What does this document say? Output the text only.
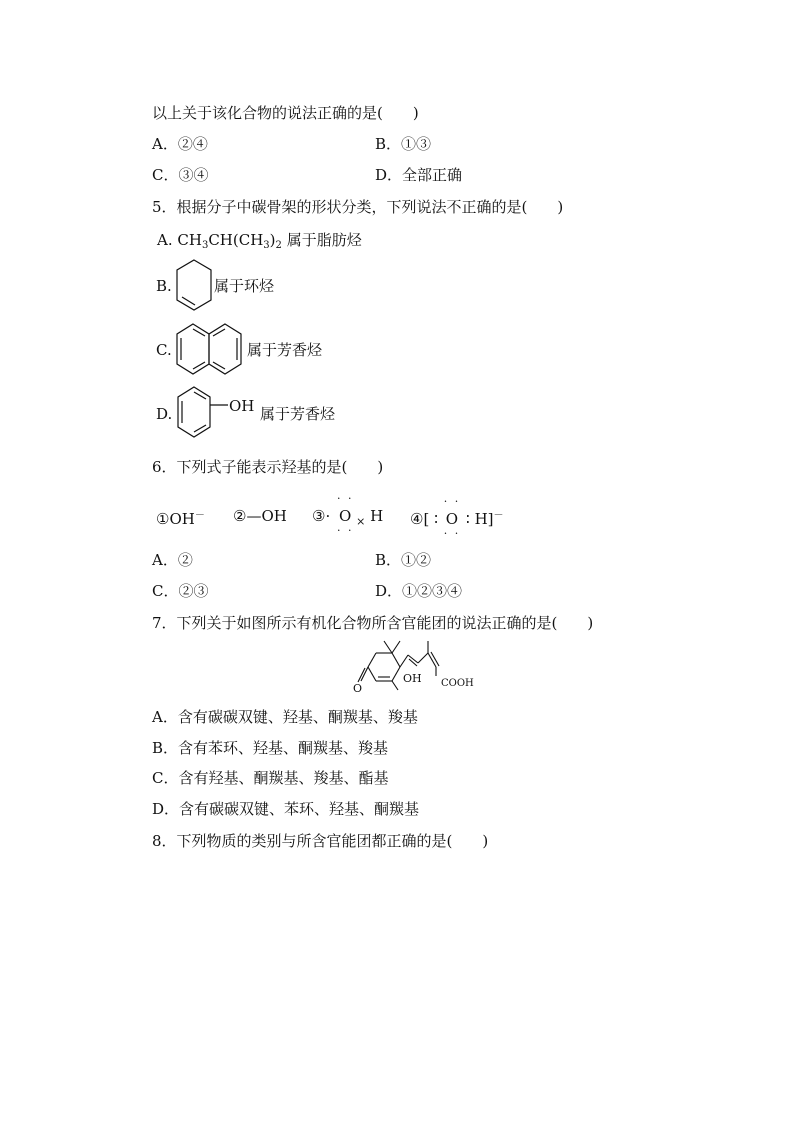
以上关于该化合物的说法正确的是(　　)
A．②④	B．①③
C．③④	D．全部正确
5．根据分子中碳骨架的形状分类，下列说法不正确的是(　　)
A. $CH_3CH(CH_3)_2$ 属于脂肪烃
B.	属于环烃
C.	属于芳香烃
D.	OH 属于芳香烃
6．下列式子能表示羟基的是(　　)
①OH－ ②—OH ③·
· ·
O
· ·
$_\times$ H ④[ ∶
· ·
O
· ·
∶ H]－
A．②	B．①②
C．②③	D．①②③④
7．下列关于如图所示有机化合物所含官能团的说法正确的是(　　)
O
OH COOH
A．含有碳碳双键、羟基、酮羰基、羧基
B．含有苯环、羟基、酮羰基、羧基
C．含有羟基、酮羰基、羧基、酯基
D．含有碳碳双键、苯环、羟基、酮羰基
8．下列物质的类别与所含官能团都正确的是(　　)
